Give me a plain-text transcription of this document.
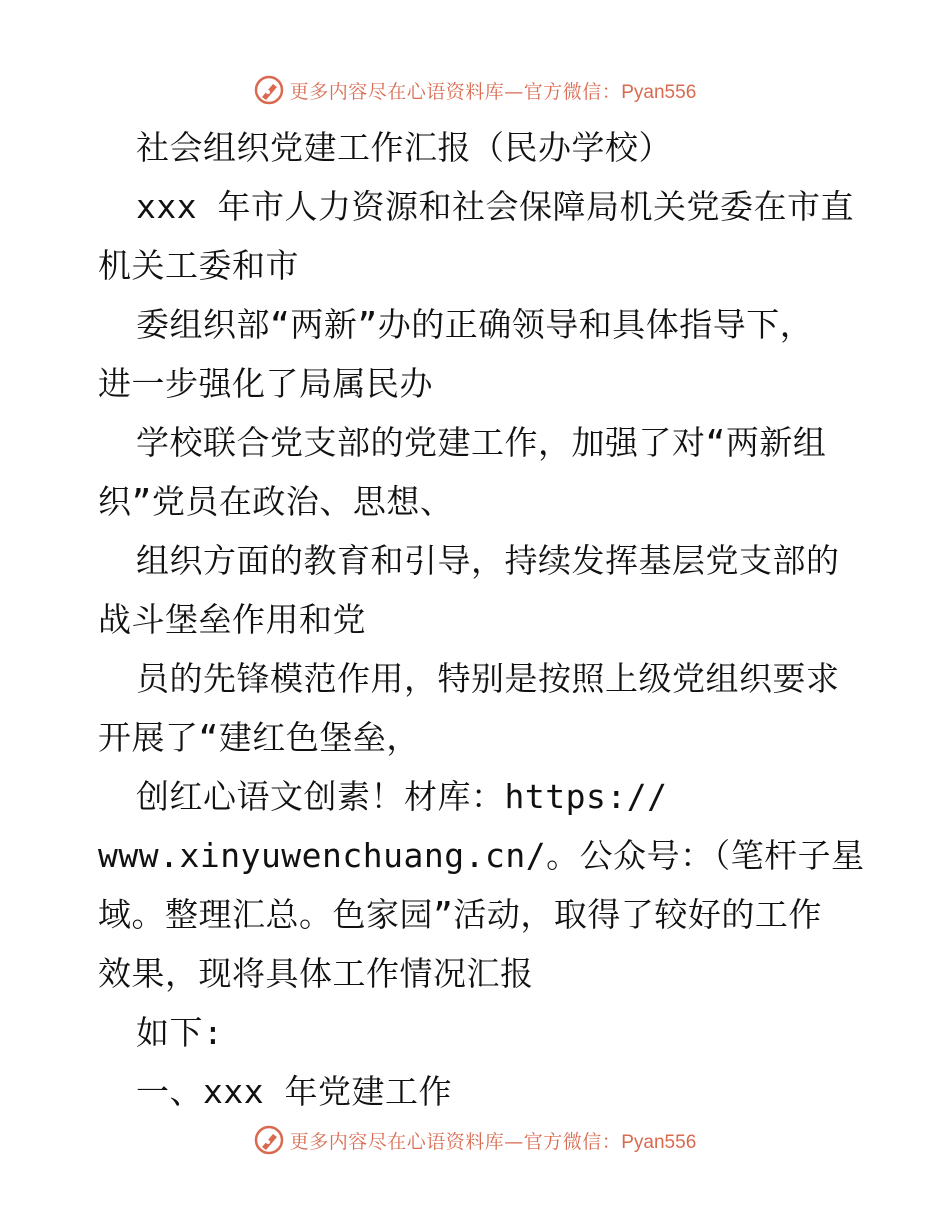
更多内容尽在心语资料库—官方微信：Pyan556
社会组织党建工作汇报（民办学校）
xxx 年市人力资源和社会保障局机关党委在市直
机关工委和市
委组织部“两新”办的正确领导和具体指导下，
进一步强化了局属民办
学校联合党支部的党建工作，加强了对“两新组
织”党员在政治、思想、
组织方面的教育和引导，持续发挥基层党支部的
战斗堡垒作用和党
员的先锋模范作用，特别是按照上级党组织要求
开展了“建红色堡垒，
创红心语文创素！材库：https://
www.xinyuwenchuang.cn/。公众号：（笔杆子星
域。整理汇总。色家园”活动，取得了较好的工作
效果，现将具体工作情况汇报
如下:
一、xxx 年党建工作
更多内容尽在心语资料库—官方微信：Pyan556
